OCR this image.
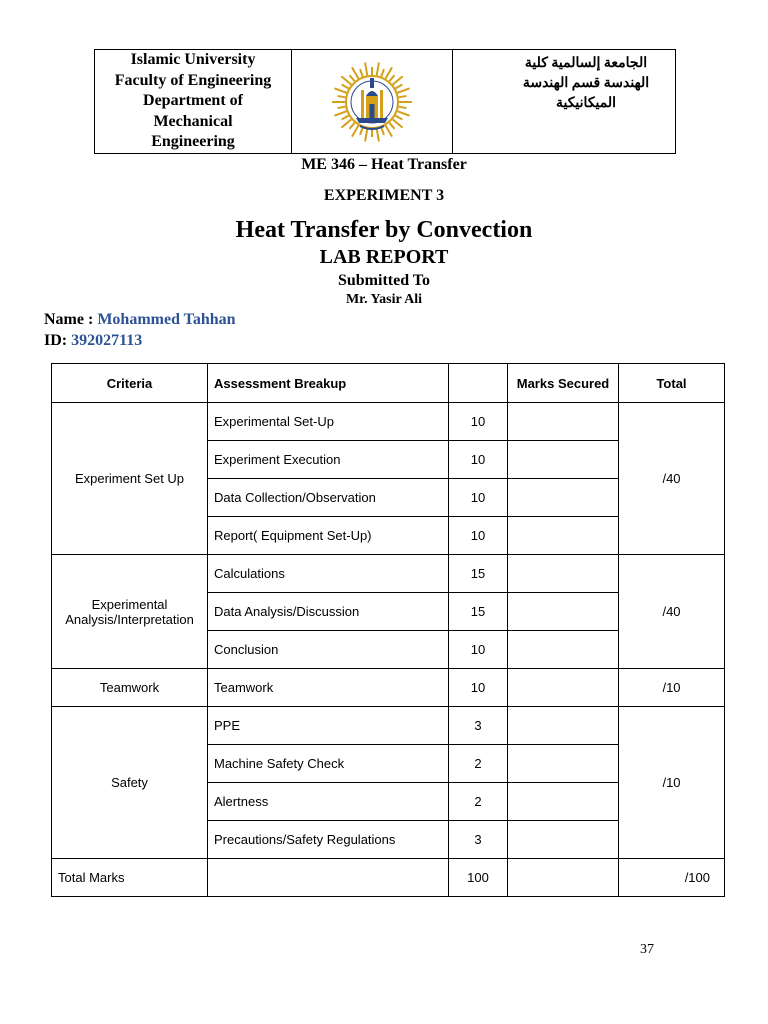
Islamic University
Faculty of Engineering
Department of
Mechanical
Engineering
الجامعة إلسالمية كلية
الهندسة قسم الهندسة
الميكانيكية
ME 346 – Heat Transfer
EXPERIMENT 3
Heat Transfer by Convection
LAB REPORT
Submitted To
Mr. Yasir Ali
Name : Mohammed Tahhan
ID: 392027113
Criteria	Assessment Breakup		Marks Secured	Total
Experiment Set Up	Experimental Set-Up	10		/40
	Experiment Execution	10		
	Data Collection/Observation	10		
	Report( Equipment Set-Up)	10		
Experimental Analysis/Interpretation	Calculations	15		/40
	Data Analysis/Discussion	15		
	Conclusion	10		
Teamwork	Teamwork	10		/10
Safety	PPE	3		/10
	Machine Safety Check	2		
	Alertness	2		
	Precautions/Safety Regulations	3		
Total Marks		100		/100
37
